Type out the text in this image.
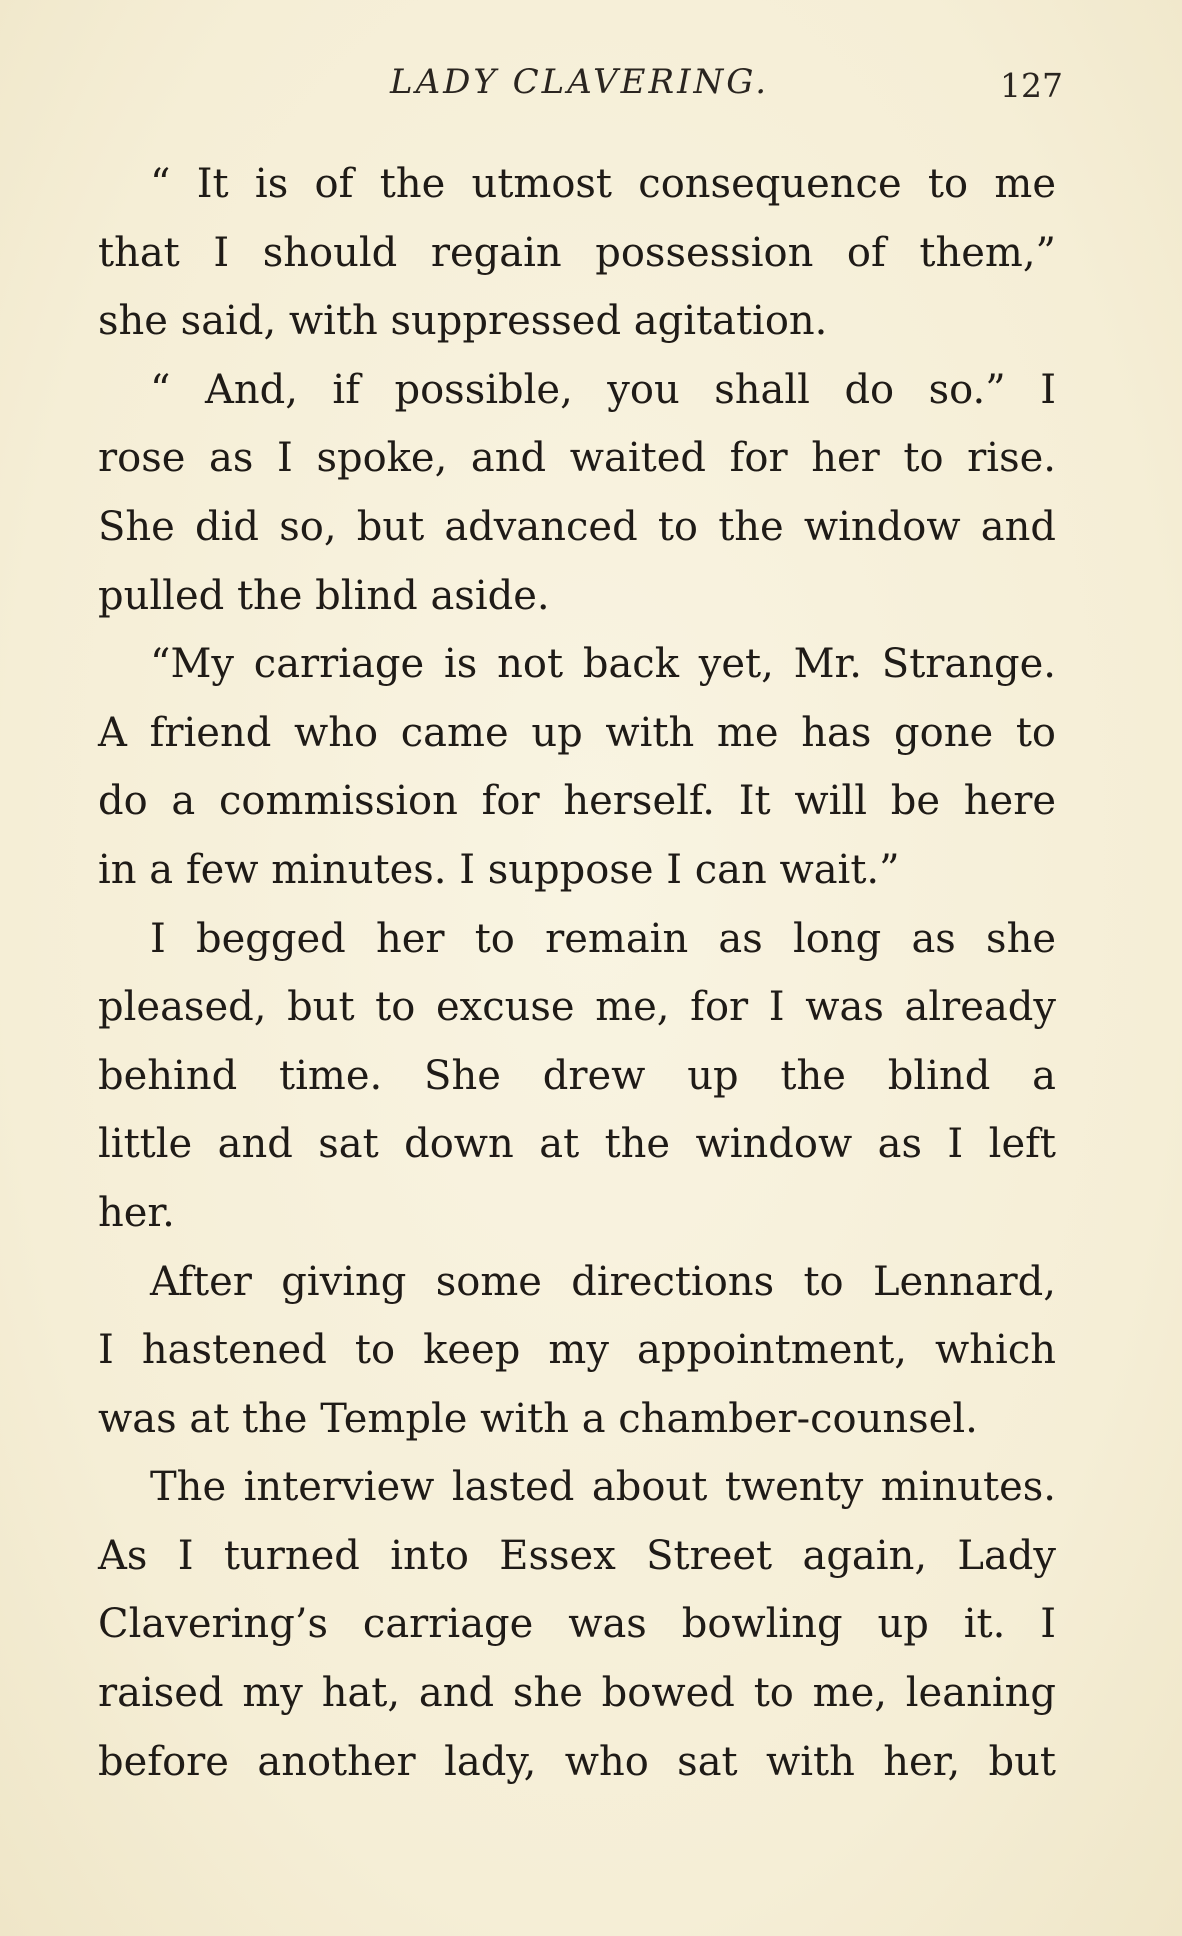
LADY CLAVERING.	127
“ It is of the utmost consequence to me
that I should regain possession of them,”
she said, with suppressed agitation.
“ And, if possible, you shall do so.” I
rose as I spoke, and waited for her to rise.
She did so, but advanced to the window and
pulled the blind aside.
“My carriage is not back yet, Mr. Strange.
A friend who came up with me has gone to
do a commission for herself. It will be here
in a few minutes. I suppose I can wait.”
I begged her to remain as long as she
pleased, but to excuse me, for I was already
behind time. She drew up the blind a
little and sat down at the window as I left
her.
After giving some directions to Lennard,
I hastened to keep my appointment, which
was at the Temple with a chamber-counsel.
The interview lasted about twenty minutes.
As I turned into Essex Street again, Lady
Clavering’s carriage was bowling up it. I
raised my hat, and she bowed to me, leaning
before another lady, who sat with her, but
